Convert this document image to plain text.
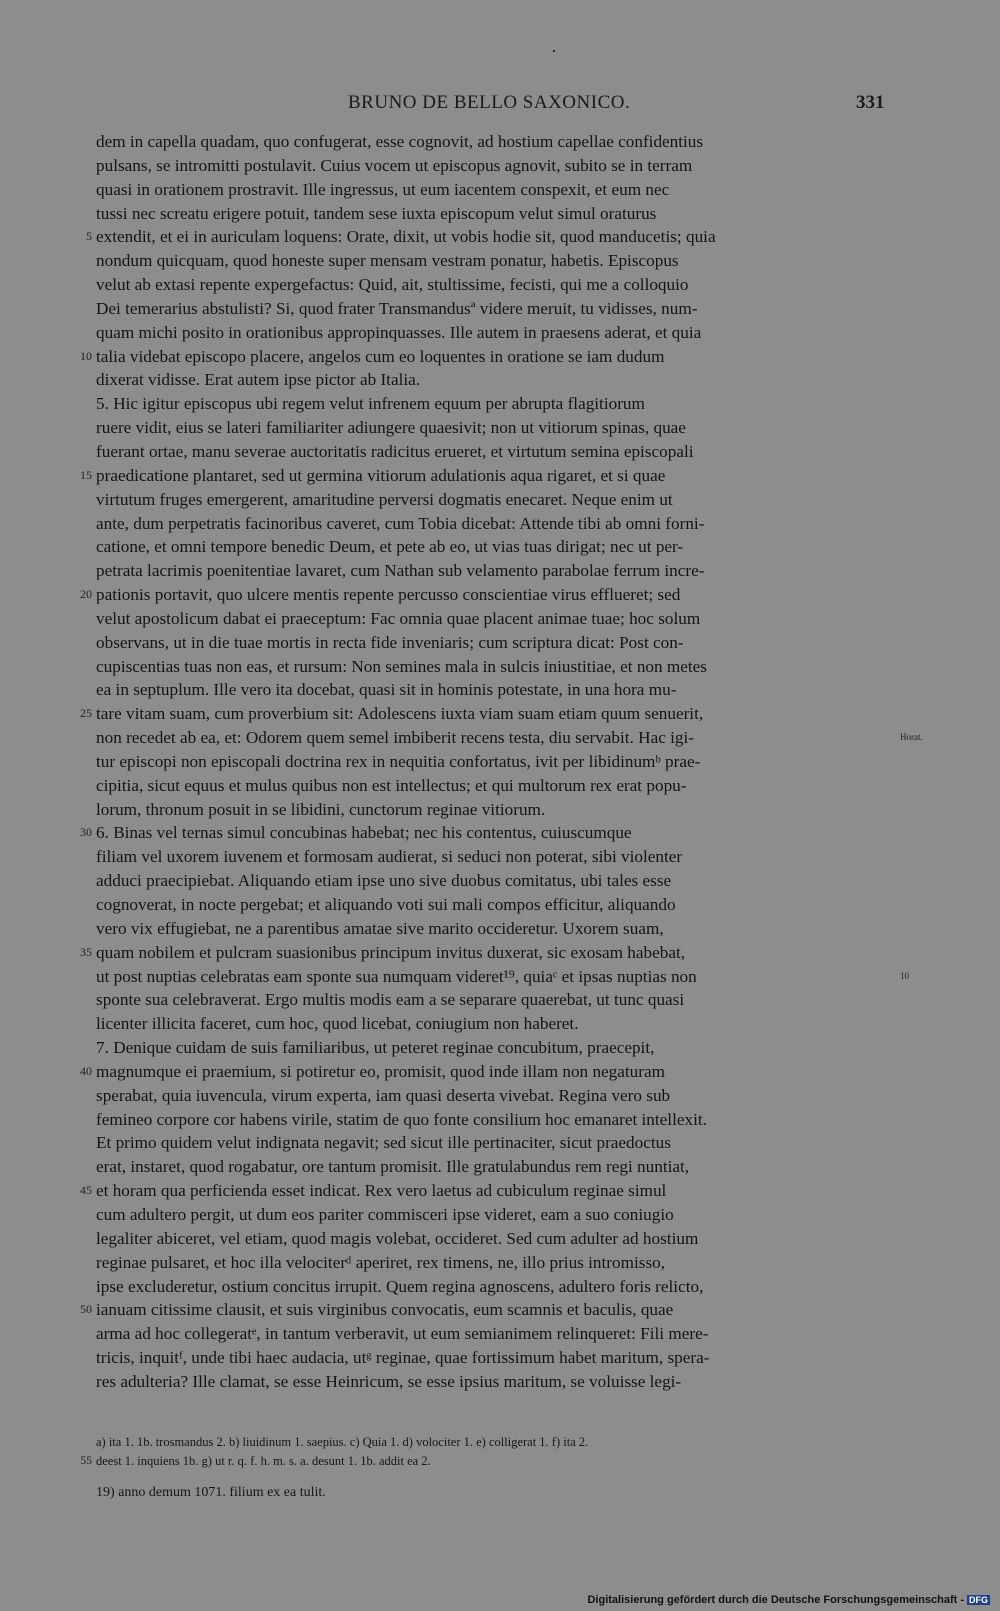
BRUNO DE BELLO SAXONICO.	331
dem in capella quadam, quo confugerat, esse cognovit, ad hostium capellae confidentius
pulsans, se intromitti postulavit. Cuius vocem ut episcopus agnovit, subito se in terram
quasi in orationem prostravit. Ille ingressus, ut eum iacentem conspexit, et eum nec
tussi nec screatu erigere potuit, tandem sese iuxta episcopum velut simul oraturus
5 extendit, et ei in auriculam loquens: Orate, dixit, ut vobis hodie sit, quod manducetis; quia
nondum quicquam, quod honeste super mensam vestram ponatur, habetis. Episcopus
velut ab extasi repente expergefactus: Quid, ait, stultissime, fecisti, qui me a colloquio
Dei temerarius abstulisti? Si, quod frater Transmandusª videre meruit, tu vidisses, num-
quam michi posito in orationibus appropinquasses. Ille autem in praesens aderat, et quia
10 talia videbat episcopo placere, angelos cum eo loquentes in oratione se iam dudum
dixerat vidisse. Erat autem ipse pictor ab Italia.
5. Hic igitur episcopus ubi regem velut infrenem equum per abrupta flagitiorum
ruere vidit, eius se lateri familiariter adiungere quaesivit; non ut vitiorum spinas, quae
fuerant ortae, manu severae auctoritatis radicitus erueret, et virtutum semina episcopali
15 praedicatione plantaret, sed ut germina vitiorum adulationis aqua rigaret, et si quae
virtutum fruges emergerent, amaritudine perversi dogmatis enecaret. Neque enim ut
ante, dum perpetratis facinoribus caveret, cum Tobia dicebat: Attende tibi ab omni forni-
catione, et omni tempore benedic Deum, et pete ab eo, ut vias tuas dirigat; nec ut per-
petrata lacrimis poenitentiae lavaret, cum Nathan sub velamento parabolae ferrum incre-
20 pationis portavit, quo ulcere mentis repente percusso conscientiae virus efflueret; sed
velut apostolicum dabat ei praeceptum: Fac omnia quae placent animae tuae; hoc solum
observans, ut in die tuae mortis in recta fide inveniaris; cum scriptura dicat: Post con-
cupiscentias tuas non eas, et rursum: Non semines mala in sulcis iniustitiae, et non metes
ea in septuplum. Ille vero ita docebat, quasi sit in hominis potestate, in una hora mu-
25 tare vitam suam, cum proverbium sit: Adolescens iuxta viam suam etiam quum senuerit,
non recedet ab ea, et: Odorem quem semel imbiberit recens testa, diu servabit. Hac igi-	Horat.
tur episcopi non episcopali doctrina rex in nequitia confortatus, ivit per libidinumᵇ prae-
cipitia, sicut equus et mulus quibus non est intellectus; et qui multorum rex erat popu-
lorum, thronum posuit in se libidini, cunctorum reginae vitiorum.
30 6. Binas vel ternas simul concubinas habebat; nec his contentus, cuiuscumque
filiam vel uxorem iuvenem et formosam audierat, si seduci non poterat, sibi violenter
adduci praecipiebat. Aliquando etiam ipse uno sive duobus comitatus, ubi tales esse
cognoverat, in nocte pergebat; et aliquando voti sui mali compos efficitur, aliquando
vero vix effugiebat, ne a parentibus amatae sive marito occideretur. Uxorem suam,
35 quam nobilem et pulcram suasionibus principum invitus duxerat, sic exosam habebat,
ut post nuptias celebratas eam sponte sua numquam videret¹⁹, quiaᶜ et ipsas nuptias non	10
sponte sua celebraverat. Ergo multis modis eam a se separare quaerebat, ut tunc quasi
licenter illicita faceret, cum hoc, quod licebat, coniugium non haberet.
7. Denique cuidam de suis familiaribus, ut peteret reginae concubitum, praecepit,
40 magnumque ei praemium, si potiretur eo, promisit, quod inde illam non negaturam
sperabat, quia iuvencula, virum experta, iam quasi deserta vivebat. Regina vero sub
femineo corpore cor habens virile, statim de quo fonte consilium hoc emanaret intellexit.
Et primo quidem velut indignata negavit; sed sicut ille pertinaciter, sicut praedoctus
erat, instaret, quod rogabatur, ore tantum promisit. Ille gratulabundus rem regi nuntiat,
45 et horam qua perficienda esset indicat. Rex vero laetus ad cubiculum reginae simul
cum adultero pergit, ut dum eos pariter commisceri ipse videret, eam a suo coniugio
legaliter abiceret, vel etiam, quod magis volebat, occideret. Sed cum adulter ad hostium
reginae pulsaret, et hoc illa velociterᵈ aperiret, rex timens, ne, illo prius intromisso,
ipse excluderetur, ostium concitus irrupit. Quem regina agnoscens, adultero foris relicto,
50 ianuam citissime clausit, et suis virginibus convocatis, eum scamnis et baculis, quae
arma ad hoc collegeratᵉ, in tantum verberavit, ut eum semianimem relinqueret: Fili mere-
tricis, inquitᶠ, unde tibi haec audacia, utᵍ reginae, quae fortissimum habet maritum, spera-
res adulteria? Ille clamat, se esse Heinricum, se esse ipsius maritum, se voluisse legi-
a) ita 1. 1b. trosmandus 2. b) liuidinum 1. saepius. c) Quia 1. d) volociter 1. e) colligerat 1. f) ita 2.
55 deest 1. inquiens 1b. g) ut r. q. f. h. m. s. a. desunt 1. 1b. addit ea 2.
19) anno demum 1071. filium ex ea tulit.
Digitalisierung gefördert durch die Deutsche Forschungsgemeinschaft - DFG
